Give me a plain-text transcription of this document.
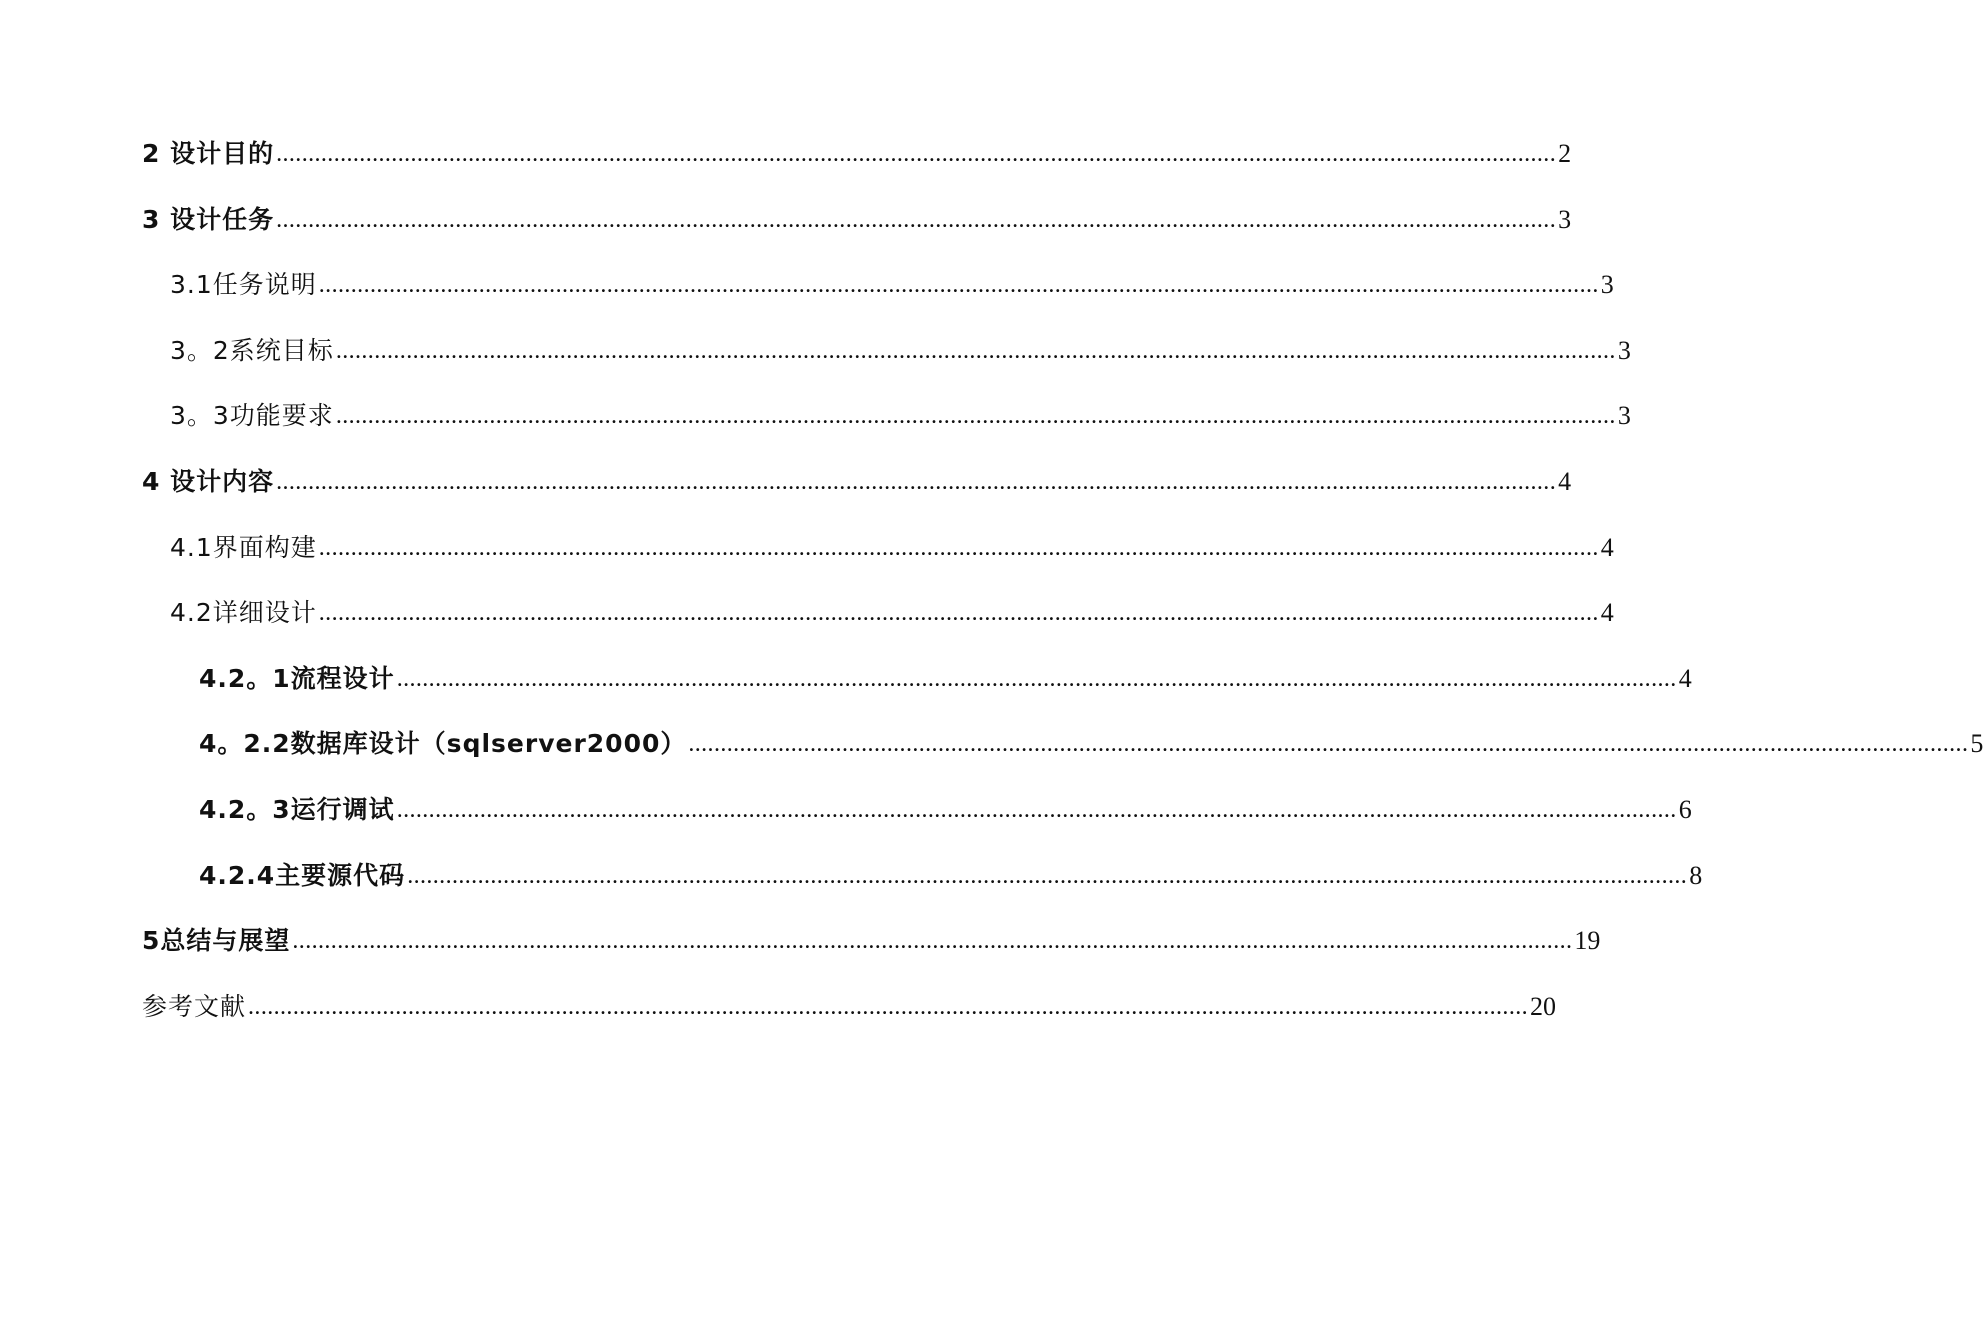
2 设计目的 ........................................................................................................................................................................................................ 2
3 设计任务 ........................................................................................................................................................................................................ 3
3.1任务说明 ........................................................................................................................................................................................................ 3
3。2系统目标 ........................................................................................................................................................................................................ 3
3。3功能要求 ........................................................................................................................................................................................................ 3
4 设计内容 ........................................................................................................................................................................................................ 4
4.1界面构建 ........................................................................................................................................................................................................ 4
4.2详细设计 ........................................................................................................................................................................................................ 4
4.2。1流程设计 ........................................................................................................................................................................................................ 4
4。2.2数据库设计（sqlserver2000） ........................................................................................................................................................................................................ 5
4.2。3运行调试 ........................................................................................................................................................................................................ 6
4.2.4主要源代码 ........................................................................................................................................................................................................ 8
5总结与展望 ........................................................................................................................................................................................................ 19
参考文献 ........................................................................................................................................................................................................ 20
